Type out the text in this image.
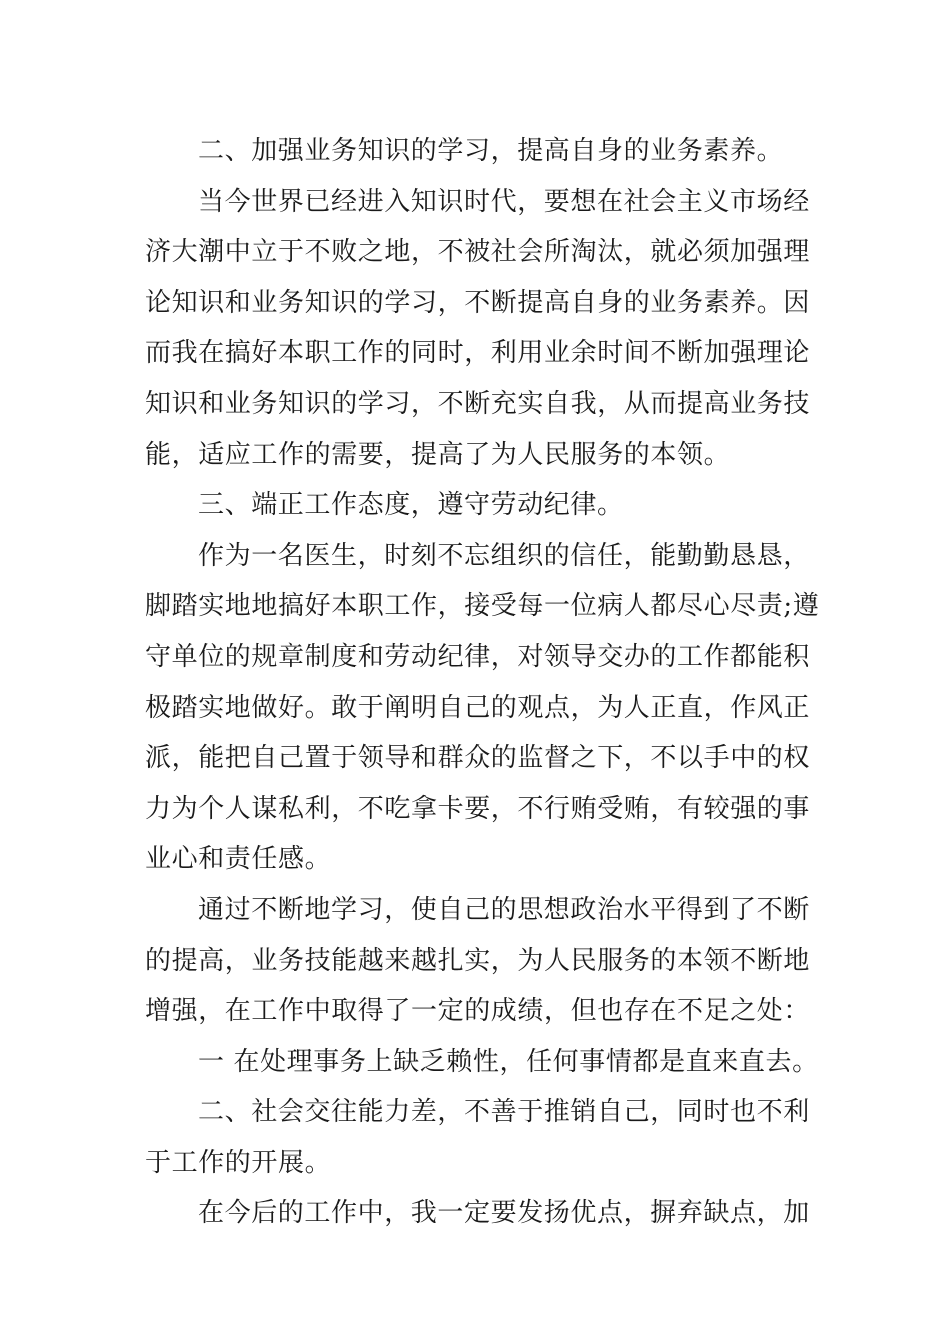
二、加强业务知识的学习，提高自身的业务素养。
当今世界已经进入知识时代，要想在社会主义市场经
济大潮中立于不败之地，不被社会所淘汰，就必须加强理
论知识和业务知识的学习，不断提高自身的业务素养。因
而我在搞好本职工作的同时，利用业余时间不断加强理论
知识和业务知识的学习，不断充实自我，从而提高业务技
能，适应工作的需要，提高了为人民服务的本领。
三、端正工作态度，遵守劳动纪律。
作为一名医生，时刻不忘组织的信任，能勤勤恳恳，
脚踏实地地搞好本职工作，接受每一位病人都尽心尽责;遵
守单位的规章制度和劳动纪律，对领导交办的工作都能积
极踏实地做好。敢于阐明自己的观点，为人正直，作风正
派，能把自己置于领导和群众的监督之下，不以手中的权
力为个人谋私利，不吃拿卡要，不行贿受贿，有较强的事
业心和责任感。
通过不断地学习，使自己的思想政治水平得到了不断
的提高，业务技能越来越扎实，为人民服务的本领不断地
增强，在工作中取得了一定的成绩，但也存在不足之处：
一 在处理事务上缺乏赖性，任何事情都是直来直去。
二、社会交往能力差，不善于推销自己，同时也不利
于工作的开展。
在今后的工作中，我一定要发扬优点，摒弃缺点，加
